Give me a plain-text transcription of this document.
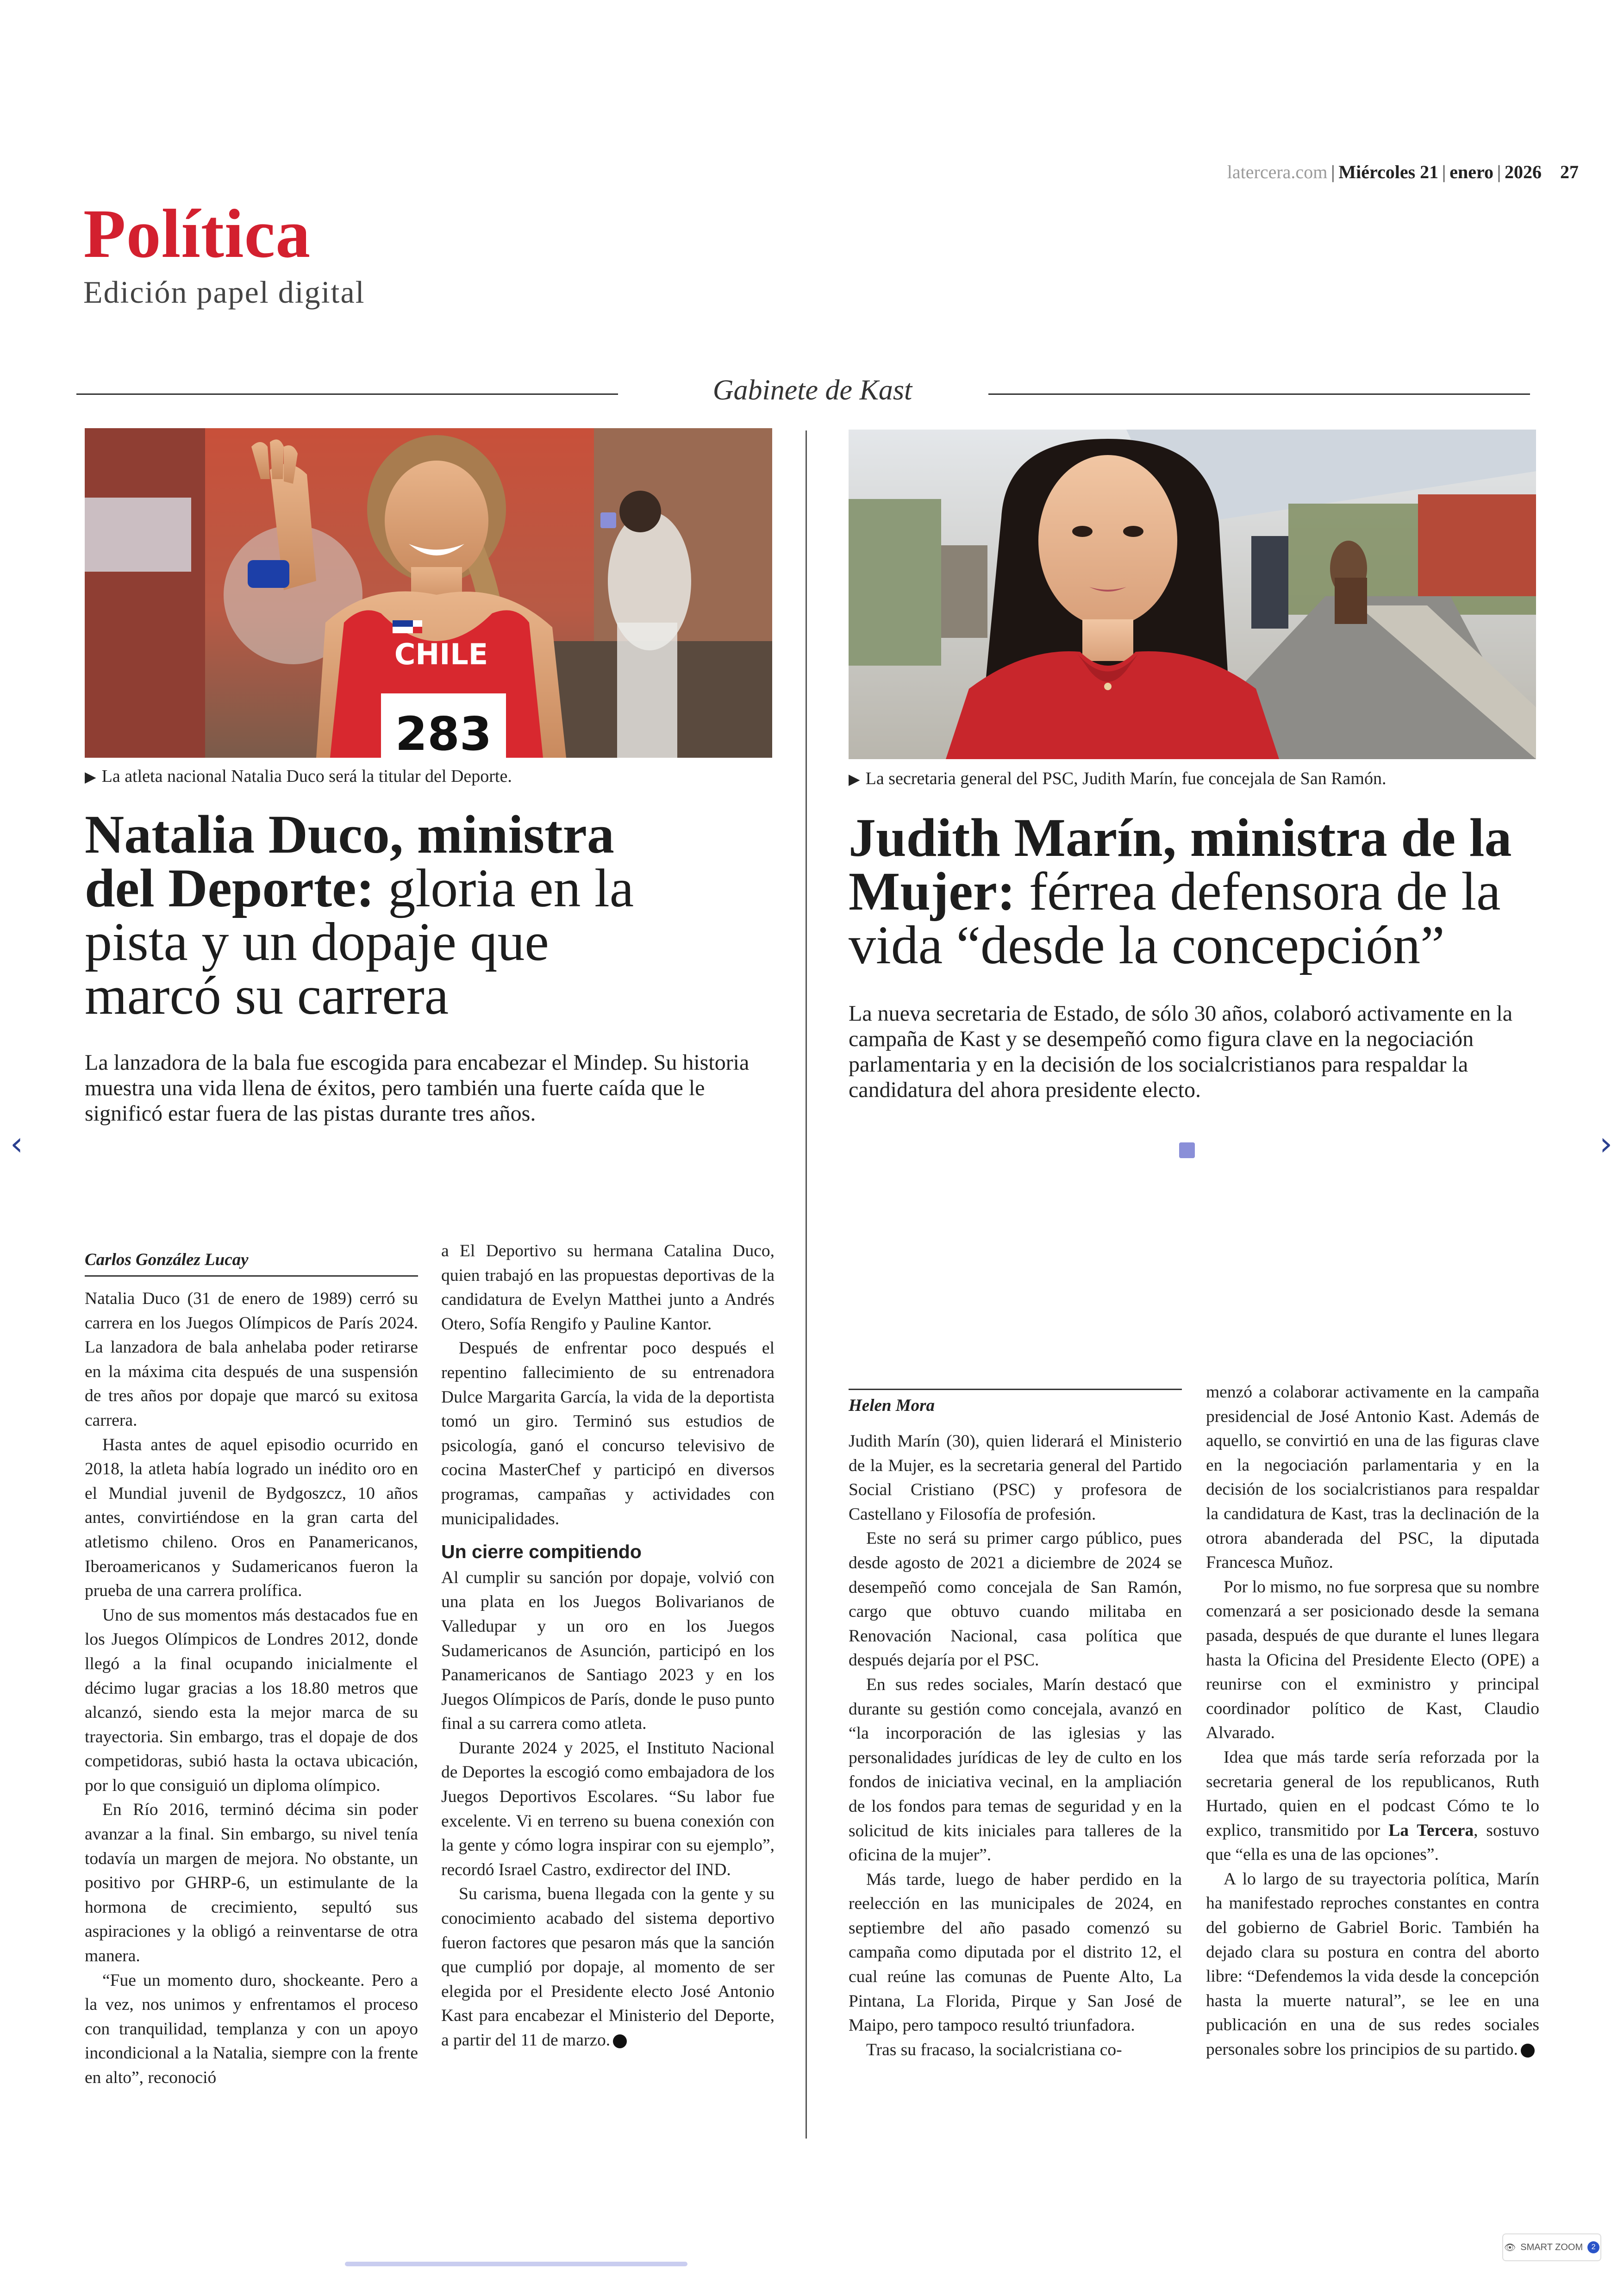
latercera.com | Miércoles 21 | enero | 2026 27
Política
Edición papel digital
Gabinete de Kast
CHILE
283
▶ La atleta nacional Natalia Duco será la titular del Deporte.
Natalia Duco, ministra
del Deporte: gloria en la
pista y un dopaje que
marcó su carrera
La lanzadora de la bala fue escogida para encabezar el Mindep. Su historia muestra una vida llena de éxitos, pero también una fuerte caída que le significó estar fuera de las pistas durante tres años.
▶ La secretaria general del PSC, Judith Marín, fue concejala de San Ramón.
Judith Marín, ministra de la
Mujer: férrea defensora de la
vida “desde la concepción”
La nueva secretaria de Estado, de sólo 30 años, colaboró activamente en la campaña de Kast y se desempeñó como figura clave en la negociación parlamentaria y en la decisión de los socialcristianos para respaldar la candidatura del ahora presidente electo.
‹	›
Carlos González Lucay

Natalia Duco (31 de enero de 1989) cerró su carrera en los Juegos Olímpicos de París 2024. La lanzadora de bala anhelaba poder retirarse en la máxima cita después de una suspensión de tres años por dopaje que marcó su exitosa carrera.

Hasta antes de aquel episodio ocurrido en 2018, la atleta había logrado un inédito oro en el Mundial juvenil de Bydgoszcz, 10 años antes, convirtiéndose en la gran carta del atletismo chileno. Oros en Panamericanos, Iberoamericanos y Sudamericanos fueron la prueba de una carrera prolífica.

Uno de sus momentos más destacados fue en los Juegos Olímpicos de Londres 2012, donde llegó a la final ocupando inicialmente el décimo lugar gracias a los 18.80 metros que alcanzó, siendo esta la mejor marca de su trayectoria. Sin embargo, tras el dopaje de dos competidoras, subió hasta la octava ubicación, por lo que consiguió un diploma olímpico.

En Río 2016, terminó décima sin poder avanzar a la final. Sin embargo, su nivel tenía todavía un margen de mejora. No obstante, un positivo por GHRP-6, un estimulante de la hormona de crecimiento, sepultó sus aspiraciones y la obligó a reinventarse de otra manera.

“Fue un momento duro, shockeante. Pero a la vez, nos unimos y enfrentamos el proceso con tranquilidad, templanza y con un apoyo incondicional a la Natalia, siempre con la frente en alto”, reconoció

a El Deportivo su hermana Catalina Duco, quien trabajó en las propuestas deportivas de la candidatura de Evelyn Matthei junto a Andrés Otero, Sofía Rengifo y Pauline Kantor.

Después de enfrentar poco después el repentino fallecimiento de su entrenadora Dulce Margarita García, la vida de la deportista tomó un giro. Terminó sus estudios de psicología, ganó el concurso televisivo de cocina MasterChef y participó en diversos programas, campañas y actividades con municipalidades.

Un cierre compitiendo

Al cumplir su sanción por dopaje, volvió con una plata en los Juegos Bolivarianos de Valledupar y un oro en los Juegos Sudamericanos de Asunción, participó en los Panamericanos de Santiago 2023 y en los Juegos Olímpicos de París, donde le puso punto final a su carrera como atleta.

Durante 2024 y 2025, el Instituto Nacional de Deportes la escogió como embajadora de los Juegos Deportivos Escolares. “Su labor fue excelente. Vi en terreno su buena conexión con la gente y cómo logra inspirar con su ejemplo”, recordó Israel Castro, exdirector del IND.

Su carisma, buena llegada con la gente y su conocimiento acabado del sistema deportivo fueron factores que pesaron más que la sanción que cumplió por dopaje, al momento de ser elegida por el Presidente electo José Antonio Kast para encabezar el Ministerio del Deporte, a partir del 11 de marzo.

Helen Mora

Judith Marín (30), quien liderará el Ministerio de la Mujer, es la secretaria general del Partido Social Cristiano (PSC) y profesora de Castellano y Filosofía de profesión.

Este no será su primer cargo público, pues desde agosto de 2021 a diciembre de 2024 se desempeñó como concejala de San Ramón, cargo que obtuvo cuando militaba en Renovación Nacional, casa política que después dejaría por el PSC.

En sus redes sociales, Marín destacó que durante su gestión como concejala, avanzó en “la incorporación de las iglesias y las personalidades jurídicas de ley de culto en los fondos de iniciativa vecinal, en la ampliación de los fondos para temas de seguridad y en la solicitud de kits iniciales para talleres de la oficina de la mujer”.

Más tarde, luego de haber perdido en la reelección en las municipales de 2024, en septiembre del año pasado comenzó su campaña como diputada por el distrito 12, el cual reúne las comunas de Puente Alto, La Pintana, La Florida, Pirque y San José de Maipo, pero tampoco resultó triunfadora.

Tras su fracaso, la socialcristiana co-

menzó a colaborar activamente en la campaña presidencial de José Antonio Kast. Además de aquello, se convirtió en una de las figuras clave en la negociación parlamentaria y en la decisión de los socialcristianos para respaldar la candidatura de Kast, tras la declinación de la otrora abanderada del PSC, la diputada Francesca Muñoz.

Por lo mismo, no fue sorpresa que su nombre comenzará a ser posicionado desde la semana pasada, después de que durante el lunes llegara hasta la Oficina del Presidente Electo (OPE) a reunirse con el exministro y principal coordinador político de Kast, Claudio Alvarado.

Idea que más tarde sería reforzada por la secretaria general de los republicanos, Ruth Hurtado, quien en el podcast Cómo te lo explico, transmitido por La Tercera, sostuvo que “ella es una de las opciones”.

A lo largo de su trayectoria política, Marín ha manifestado reproches constantes en contra del gobierno de Gabriel Boric. También ha dejado clara su postura en contra del aborto libre: “Defendemos la vida desde la concepción hasta la muerte natural”, se lee en una publicación en una de sus redes sociales personales sobre los principios de su partido.

👁 SMART ZOOM	2
